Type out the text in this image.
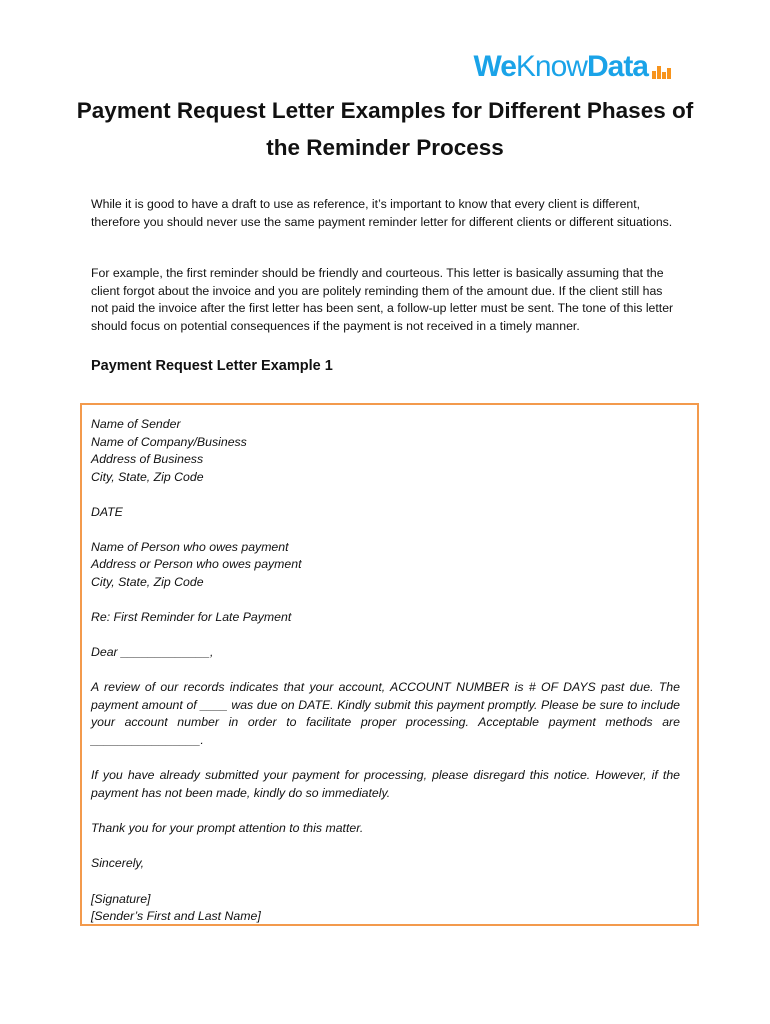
We Know Data
Payment Request Letter Examples for Different Phases of the Reminder Process

While it is good to have a draft to use as reference, it’s important to know that every client is different, therefore you should never use the same payment reminder letter for different clients or different situations.

For example, the first reminder should be friendly and courteous. This letter is basically assuming that the client forgot about the invoice and you are politely reminding them of the amount due. If the client still has not paid the invoice after the first letter has been sent, a follow-up letter must be sent. The tone of this letter should focus on potential consequences if the payment is not received in a timely manner.

Payment Request Letter Example 1

Name of Sender

Name of Company/Business

Address of Business

City, State, Zip Code

DATE

Name of Person who owes payment

Address or Person who owes payment

City, State, Zip Code

Re: First Reminder for Late Payment

Dear _____________,

A review of our records indicates that your account, ACCOUNT NUMBER is # OF DAYS past due. The payment amount of ____ was due on DATE. Kindly submit this payment promptly. Please be sure to include your account number in order to facilitate proper processing. Acceptable payment methods are ________________.

If you have already submitted your payment for processing, please disregard this notice. However, if the payment has not been made, kindly do so immediately.

Thank you for your prompt attention to this matter.

Sincerely,

[Signature]

[Sender’s First and Last Name]
